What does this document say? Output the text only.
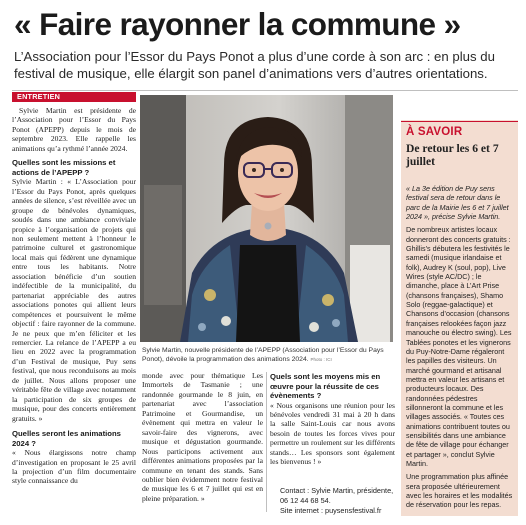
« Faire rayonner la commune »
L’Association pour l’Essor du Pays Ponot a plus d’une corde à son arc : en plus du festival de musique, elle élargit son panel d’animations vers d’autres orientations.
ENTRETIEN

Sylvie Martin est présidente de l’Association pour l’Essor du Pays Ponot (APEPP) depuis le mois de septembre 2023. Elle rappelle les animations qu’a rythmé l’année 2024.

Quelles sont les missions et actions de l’APEPP ?

Sylvie Martin : « L’Association pour l’Essor du Pays Ponot, après quelques années de silence, s’est réveillée avec un groupe de bénévoles dynamiques, soudés dans une ambiance conviviale propice à l’organisation de projets qui non seulement mettent à l’honneur le patrimoine culturel et gastronomique local mais qui fédèrent une dynamique entre tous les habitants. Notre association bénéficie d’un soutien indéfectible de la municipalité, du partenariat appréciable des autres associations ponotes qui allient leurs compétences et poursuivent le même objectif : faire rayonner de la commune. Je ne peux que m’en féliciter et les remercier. La relance de l’APEPP a eu lieu en 2022 avec la programmation d’un Festival de musique, Puy sens festival, que nous reconduisons au mois de juillet. Nous allons proposer une véritable fête de village avec notamment la participation de six groupes de musique, pour des concerts entièrement gratuits. »

Quelles seront les animations 2024 ?

« Nous élargissons notre champ d’investigation en proposant le 25 avril la projection d’un film documentaire style connaissance du

Sylvie Martin, nouvelle présidente de l’APEPP (Association pour l’Essor du Pays Ponot), dévoile la programmation des animations 2024. Photo : ICI

monde avec pour thématique Les Immortels de Tasmanie ; une randonnée gourmande le 8 juin, en partenariat avec l’association Patrimoine et Gourmandise, un évènement qui mettra en valeur le savoir-faire des vignerons, avec musique et dégustation gourmande. Nous participons activement aux différentes animations proposées par la commune en tenant des stands. Sans oublier bien évidemment notre festival de musique les 6 et 7 juillet qui est en pleine préparation. »

Quels sont les moyens mis en œuvre pour la réussite de ces évènements ?

« Nous organisons une réunion pour les bénévoles vendredi 31 mai à 20 h dans la salle Saint-Louis car nous avons besoin de toutes les forces vives pour permettre un roulement sur les différents stands… Les sponsors sont également les bienvenus ! »

Contact : Sylvie Martin, présidente,
06 12 44 68 54.
Site internet : puysensfestival.fr
À SAVOIR
De retour les 6 et 7 juillet

« La 3e édition de Puy sens festival sera de retour dans le parc de la Mairie les 6 et 7 juillet 2024 », précise Sylvie Martin.

De nombreux artistes locaux donneront des concerts gratuits : Ghillis’s débutera les festivités le samedi (musique irlandaise et folk), Audrey K (soul, pop), Live Wires (style AC/DC) ; le dimanche, place à L’Art Prise (chansons françaises), Shamo Solo (reggae-galactique) et Chansons d’occasion (chansons françaises relookées façon jazz manouche ou électro swing). Les Tablées ponotes et les vignerons du Puy-Notre-Dame régaleront les papilles des visiteurs. Un marché gourmand et artisanal mettra en valeur les artisans et producteurs locaux. Des randonnées pédestres sillonneront la commune et les villages associés. « Toutes ces animations contribuent toutes ou sensibilités dans une ambiance de fête de village pour échanger et partager », conclut Sylvie Martin.

Une programmation plus affinée sera proposée ultérieurement avec les horaires et les modalités de réservation pour les repas.
